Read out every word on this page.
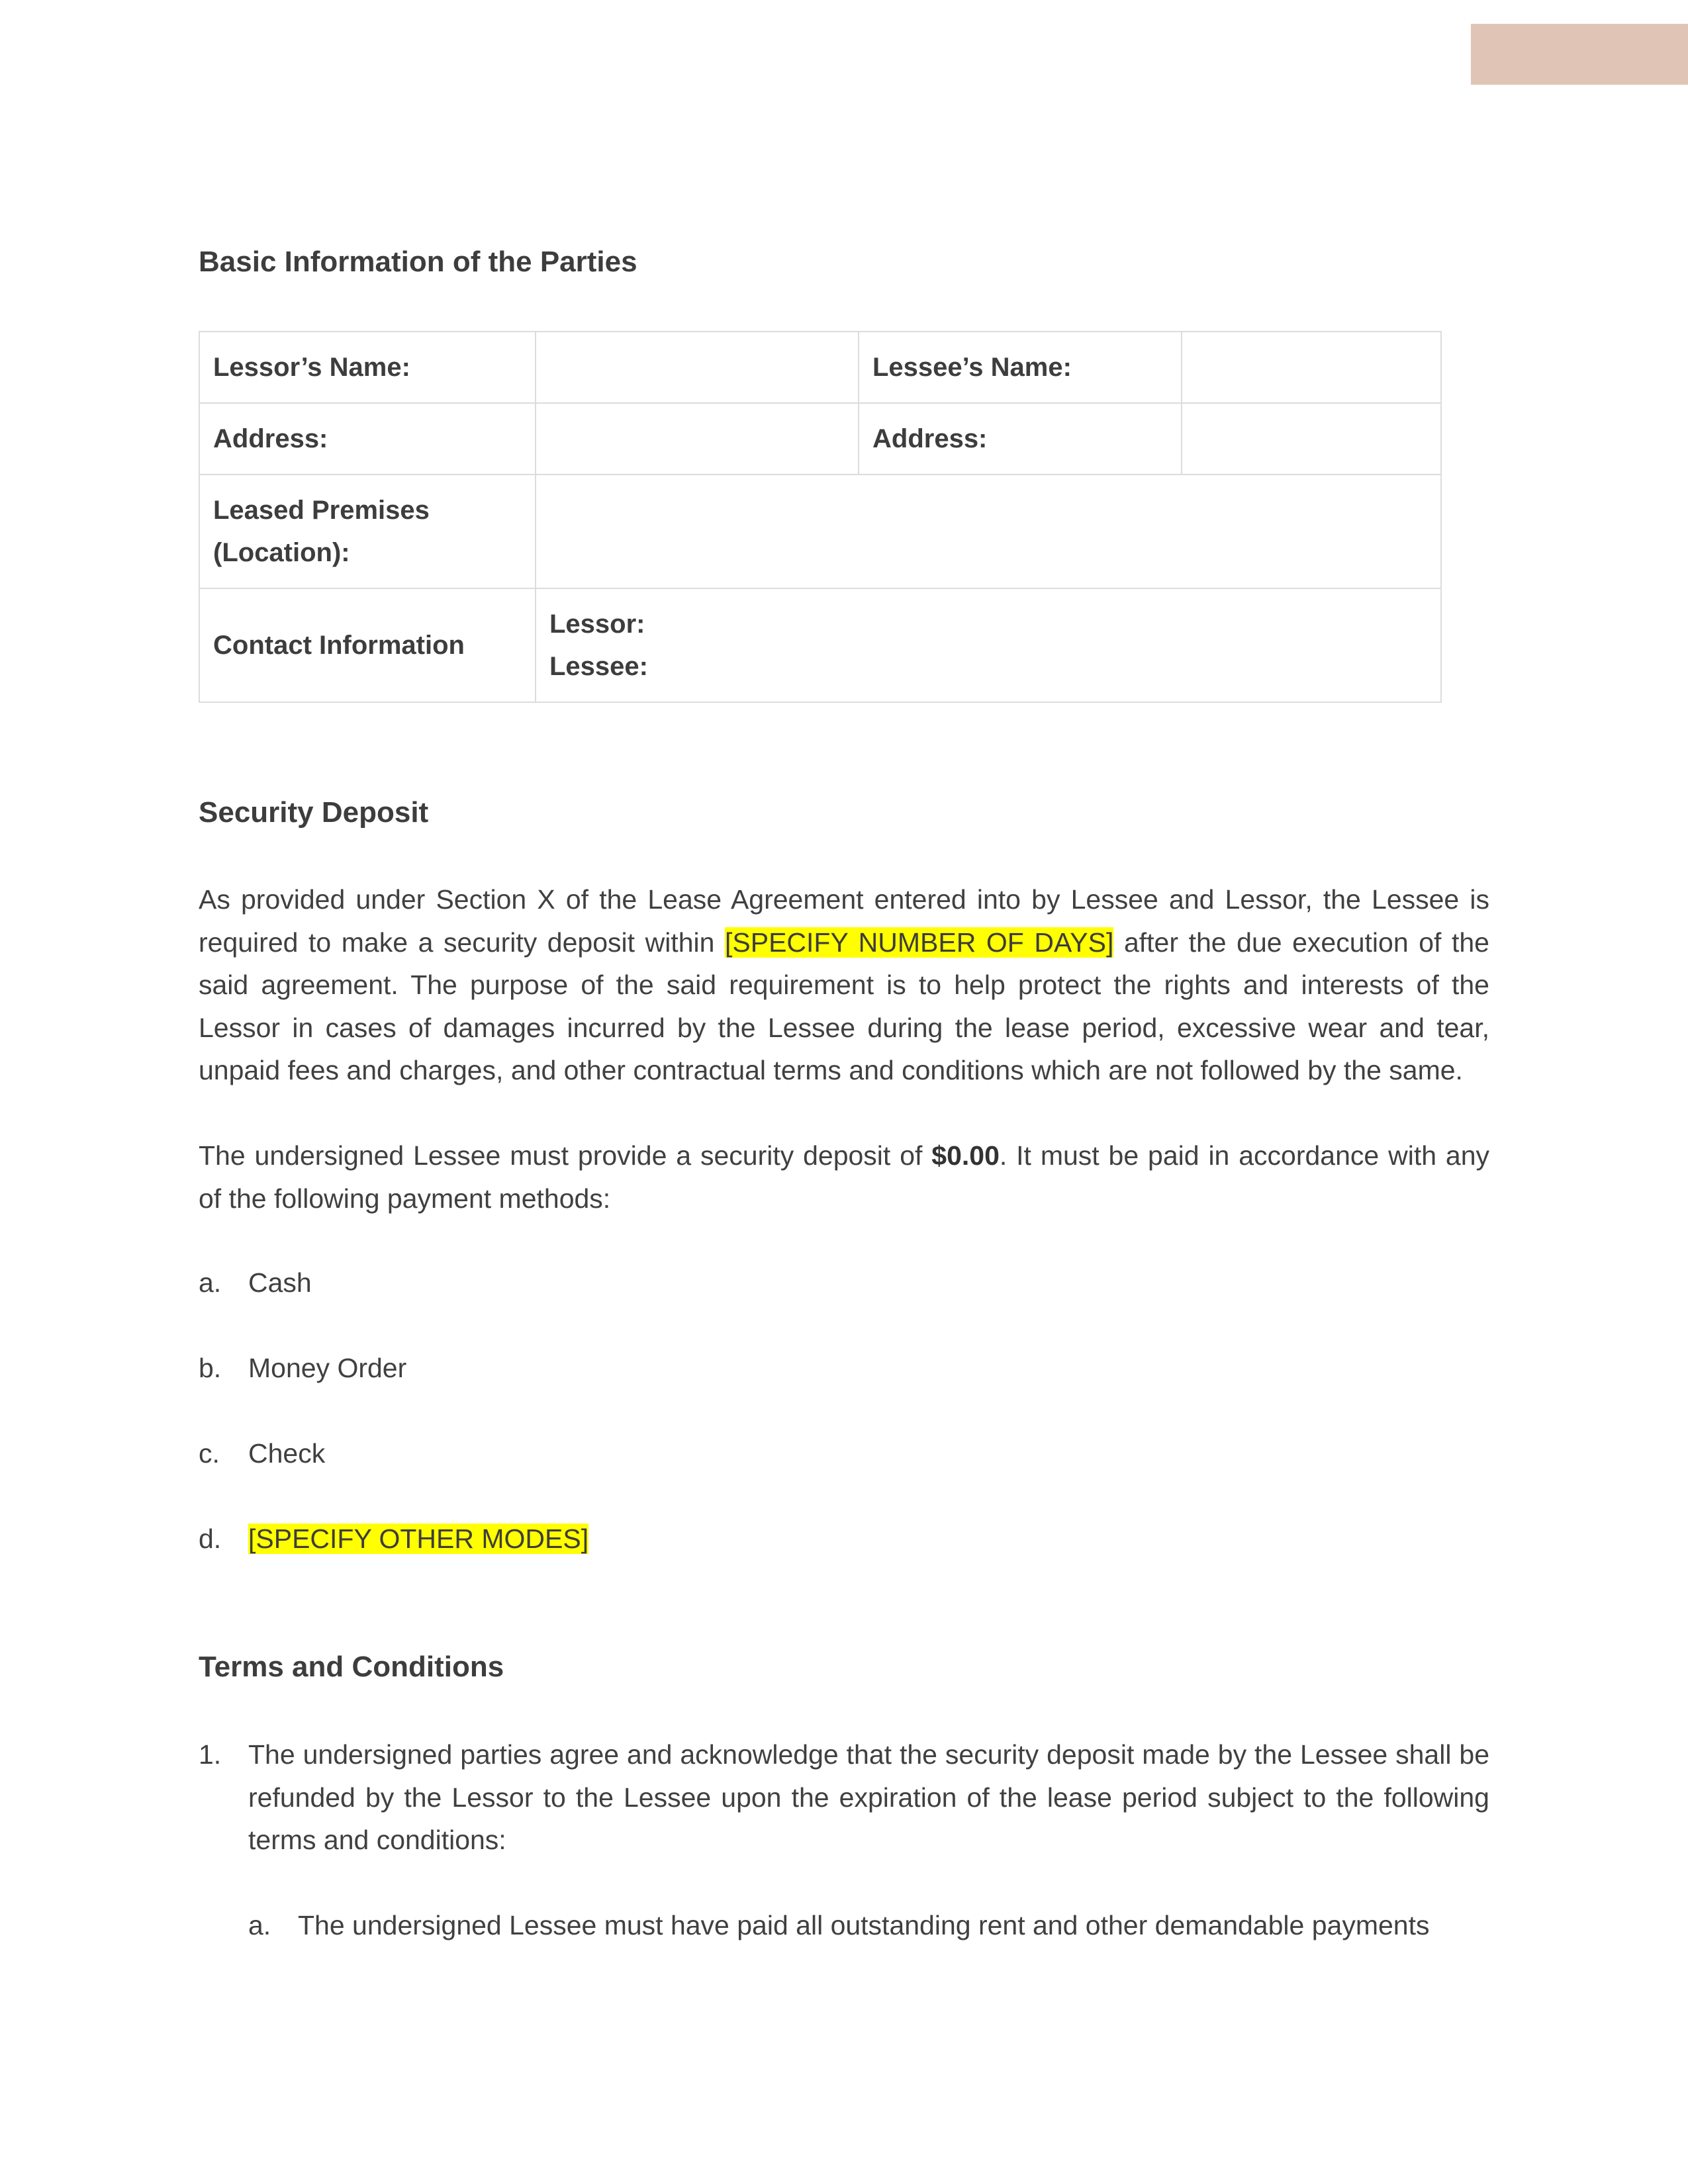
Basic Information of the Parties
Lessor’s Name:		Lessee’s Name:	
Address:		Address:	

Leased Premises
(Location):			

Contact Information	Lessor:
Lessee:		
Security Deposit

As provided under Section X of the Lease Agreement entered into by Lessee and Lessor, the Lessee is required to make a security deposit within [SPECIFY NUMBER OF DAYS] after the due execution of the said agreement. The purpose of the said requirement is to help protect the rights and interests of the Lessor in cases of damages incurred by the Lessee during the lease period, excessive wear and tear, unpaid fees and charges, and other contractual terms and conditions which are not followed by the same.

The undersigned Lessee must provide a security deposit of $0.00. It must be paid in accordance with any of the following payment methods:

a. Cash
b. Money Order
c. Check
d. [SPECIFY OTHER MODES]
Terms and Conditions
1. The undersigned parties agree and acknowledge that the security deposit made by the Lessee shall be refunded by the Lessor to the Lessee upon the expiration of the lease period subject to the following terms and conditions:
a. The undersigned Lessee must have paid all outstanding rent and other demandable payments
